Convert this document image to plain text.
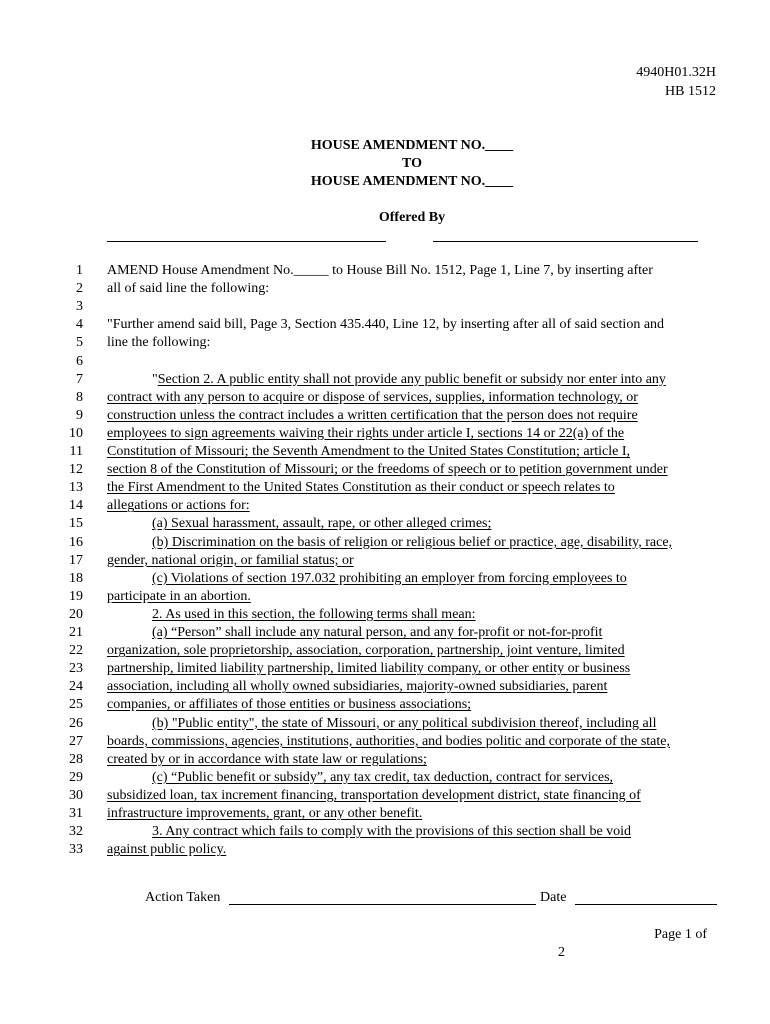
4940H01.32H
HB 1512
HOUSE AMENDMENT NO.____
TO
HOUSE AMENDMENT NO.____
Offered By
1 AMEND House Amendment No._____ to House Bill No. 1512, Page 1, Line 7, by inserting after
2 all of said line the following:
3
4 "Further amend said bill, Page 3, Section 435.440, Line 12, by inserting after all of said section and
5 line the following:
6
7	"Section 2. A public entity shall not provide any public benefit or subsidy nor enter into any
8 contract with any person to acquire or dispose of services, supplies, information technology, or
9 construction unless the contract includes a written certification that the person does not require
10 employees to sign agreements waiving their rights under article I, sections 14 or 22(a) of the
11 Constitution of Missouri; the Seventh Amendment to the United States Constitution; article I,
12 section 8 of the Constitution of Missouri; or the freedoms of speech or to petition government under
13 the First Amendment to the United States Constitution as their conduct or speech relates to
14 allegations or actions for:
15	(a) Sexual harassment, assault, rape, or other alleged crimes;
16	(b) Discrimination on the basis of religion or religious belief or practice, age, disability, race,
17 gender, national origin, or familial status; or
18	(c) Violations of section 197.032 prohibiting an employer from forcing employees to
19 participate in an abortion.
20	2. As used in this section, the following terms shall mean:
21	(a) “Person” shall include any natural person, and any for-profit or not-for-profit
22 organization, sole proprietorship, association, corporation, partnership, joint venture, limited
23 partnership, limited liability partnership, limited liability company, or other entity or business
24 association, including all wholly owned subsidiaries, majority-owned subsidiaries, parent
25 companies, or affiliates of those entities or business associations;
26	(b) "Public entity", the state of Missouri, or any political subdivision thereof, including all
27 boards, commissions, agencies, institutions, authorities, and bodies politic and corporate of the state,
28 created by or in accordance with state law or regulations;
29	(c) “Public benefit or subsidy”, any tax credit, tax deduction, contract for services,
30 subsidized loan, tax increment financing, transportation development district, state financing of
31 infrastructure improvements, grant, or any other benefit.
32	3. Any contract which fails to comply with the provisions of this section shall be void
33 against public policy.
Action Taken	Date
Page 1 of
2
